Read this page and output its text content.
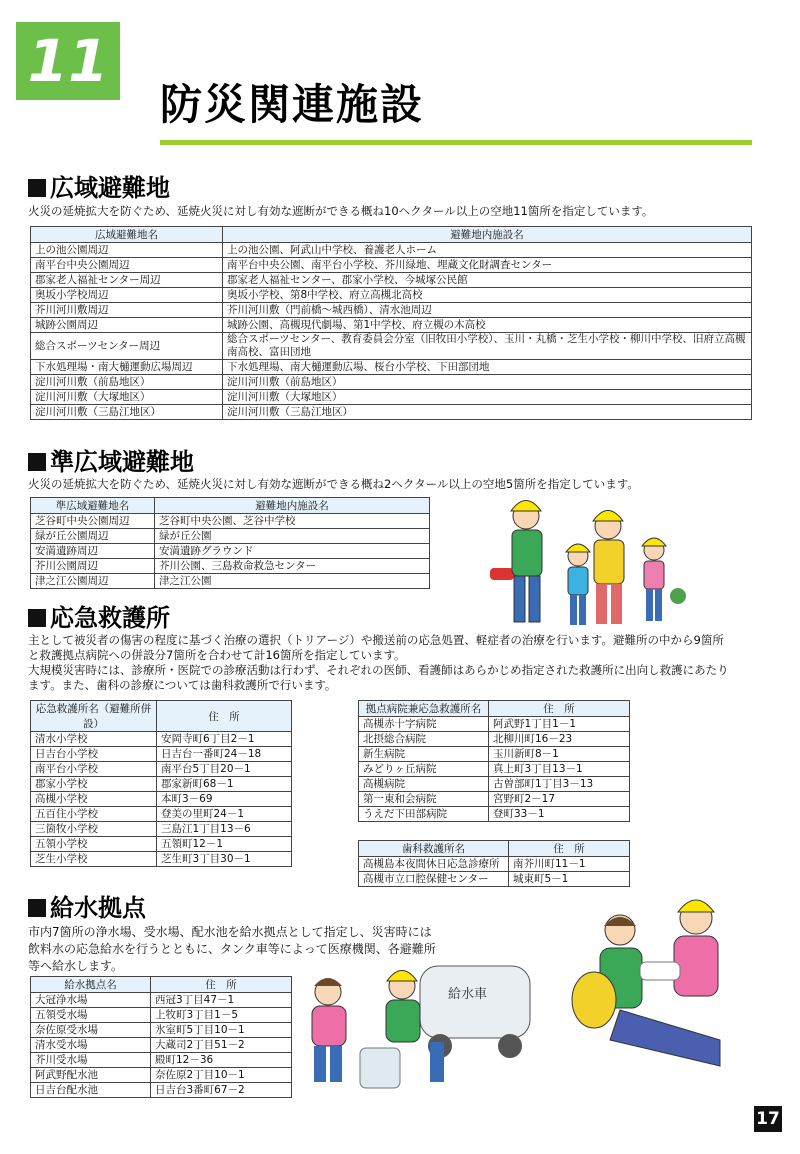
11
防災関連施設
広域避難地
火災の延焼拡大を防ぐため、延焼火災に対し有効な遮断ができる概ね10ヘクタール以上の空地11箇所を指定しています。
広域避難地名	避難地内施設名
上の池公園周辺	上の池公園、阿武山中学校、養護老人ホーム
南平台中央公園周辺	南平台中央公園、南平台小学校、芥川緑地、埋蔵文化財調査センター
郡家老人福祉センター周辺	郡家老人福祉センター、郡家小学校、今城塚公民館
奥坂小学校周辺	奥坂小学校、第8中学校、府立高槻北高校
芥川河川敷周辺	芥川河川敷（門前橋～城西橋）、清水池周辺
城跡公園周辺	城跡公園、高槻現代劇場、第1中学校、府立槻の木高校
総合スポーツセンター周辺	総合スポーツセンター、教育委員会分室（旧牧田小学校）、玉川・丸橋・芝生小学校・柳川中学校、旧府立高槻南高校、富田団地
下水処理場・南大樋運動広場周辺	下水処理場、南大樋運動広場、桜台小学校、下田部団地
淀川河川敷（前島地区）	淀川河川敷（前島地区）
淀川河川敷（大塚地区）	淀川河川敷（大塚地区）
淀川河川敷（三島江地区）	淀川河川敷（三島江地区）
準広域避難地
火災の延焼拡大を防ぐため、延焼火災に対し有効な遮断ができる概ね2ヘクタール以上の空地5箇所を指定しています。
準広域避難地名	避難地内施設名
芝谷町中央公園周辺	芝谷町中央公園、芝谷中学校
緑が丘公園周辺	緑が丘公園
安満遺跡周辺	安満遺跡グラウンド
芥川公園周辺	芥川公園、三島救命救急センター
津之江公園周辺	津之江公園
応急救護所
主として被災者の傷害の程度に基づく治療の選択（トリアージ）や搬送前の応急処置、軽症者の治療を行います。避難所の中から9箇所
と救護拠点病院への併設分7箇所を合わせて計16箇所を指定しています。
大規模災害時には、診療所・医院での診療活動は行わず、それぞれの医師、看護師はあらかじめ指定された救護所に出向し救護にあたり
ます。また、歯科の診療については歯科救護所で行います。
応急救護所名（避難所併設）	住　所
清水小学校	安岡寺町6丁目2－1
日吉台小学校	日吉台一番町24－18
南平台小学校	南平台5丁目20－1
郡家小学校	郡家新町68－1
高槻小学校	本町3－69
五百住小学校	登美の里町24－1
三箇牧小学校	三島江1丁目13－6
五領小学校	五領町12－1
芝生小学校	芝生町3丁目30－1
拠点病院兼応急救護所名	住　所
高槻赤十字病院	阿武野1丁目1－1
北摂総合病院	北柳川町16－23
新生病院	玉川新町8－1
みどりヶ丘病院	真上町3丁目13－1
高槻病院	古曽部町1丁目3－13
第一東和会病院	宮野町2－17
うえだ下田部病院	登町33－1
歯科救護所名	住　所
高槻島本夜間休日応急診療所	南芥川町11－1
高槻市立口腔保健センター	城東町5－1
給水拠点
市内7箇所の浄水場、受水場、配水池を給水拠点として指定し、災害時には
飲料水の応急給水を行うとともに、タンク車等によって医療機関、各避難所
等へ給水します。
給水拠点名	住　所
大冠浄水場	西冠3丁目47－1
五領受水場	上牧町3丁目1－5
奈佐原受水場	氷室町5丁目10－1
清水受水場	大蔵司2丁目51－2
芥川受水場	殿町12－36
阿武野配水池	奈佐原2丁目10－1
日吉台配水池	日吉台3番町67－2
給水車
17
